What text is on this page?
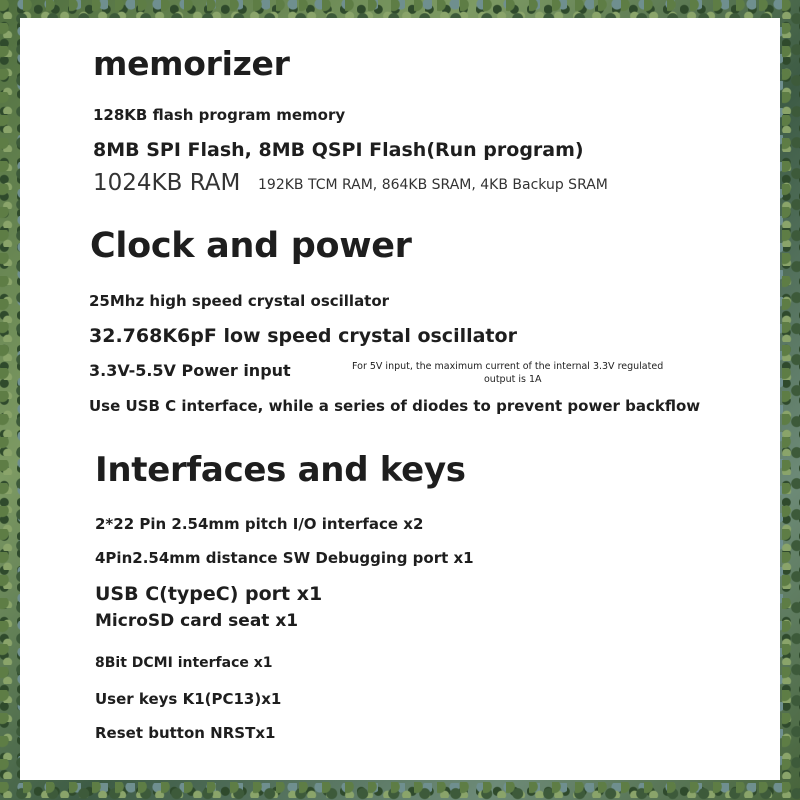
memorizer
128KB flash program memory
8MB SPI Flash, 8MB QSPI Flash(Run program)
1024KB RAM 192KB TCM RAM, 864KB SRAM, 4KB Backup SRAM
Clock and power
25Mhz high speed crystal oscillator
32.768K6pF low speed crystal oscillator
3.3V-5.5V Power input	For 5V input, the maximum current of the internal 3.3V regulated
output is 1A
Use USB C interface, while a series of diodes to prevent power backflow
Interfaces and keys
2*22 Pin 2.54mm pitch I/O interface x2
4Pin2.54mm distance SW Debugging port x1
USB C(typeC) port x1
MicroSD card seat x1
8Bit DCMI interface x1
User keys K1(PC13)x1
Reset button NRSTx1
